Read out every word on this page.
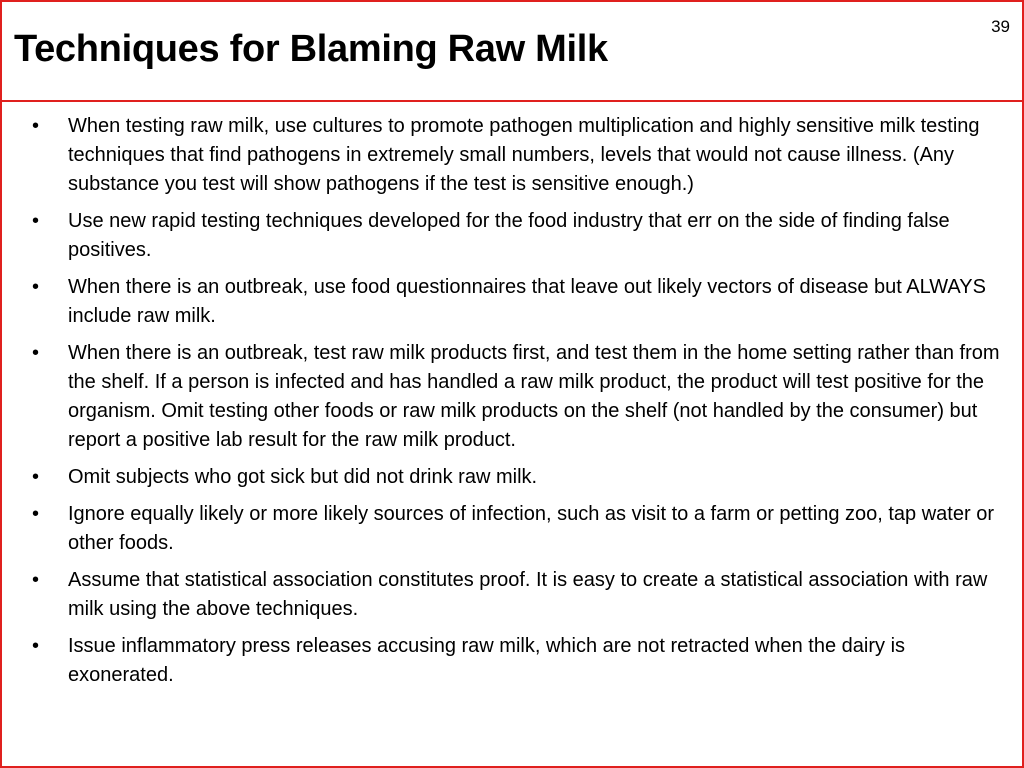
Techniques for Blaming Raw Milk
39
• When testing raw milk, use cultures to promote pathogen multiplication and highly sensitive milk testing techniques that find pathogens in extremely small numbers, levels that would not cause illness. (Any substance you test will show pathogens if the test is sensitive enough.)
• Use new rapid testing techniques developed for the food industry that err on the side of finding false positives.
• When there is an outbreak, use food questionnaires that leave out likely vectors of disease but ALWAYS include raw milk.
• When there is an outbreak, test raw milk products first, and test them in the home setting rather than from the shelf. If a person is infected and has handled a raw milk product, the product will test positive for the organism. Omit testing other foods or raw milk products on the shelf (not handled by the consumer) but report a positive lab result for the raw milk product.
• Omit subjects who got sick but did not drink raw milk.
• Ignore equally likely or more likely sources of infection, such as visit to a farm or petting zoo, tap water or other foods.
• Assume that statistical association constitutes proof. It is easy to create a statistical association with raw milk using the above techniques.
• Issue inflammatory press releases accusing raw milk, which are not retracted when the dairy is exonerated.
